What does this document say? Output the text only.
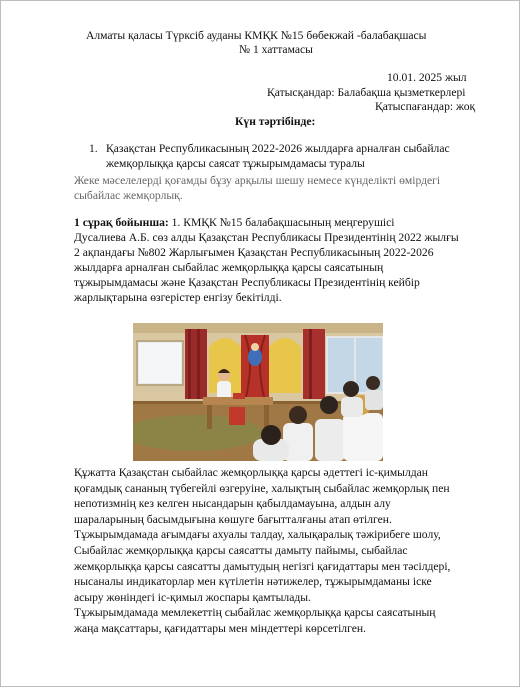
Алматы қаласы Түрксіб ауданы КМҚК №15 бөбекжай -балабақшасы
№ 1 хаттамасы
10.01. 2025 жыл
Қатысқандар: Балабақша қызметкерлері
Қатыспағандар: жоқ
Күн тәртібінде:
1. Қазақстан Республикасының 2022-2026 жылдарға арналған сыбайлас
жемқорлыққа қарсы саясат тұжырымдамасы туралы
Жеке мәселелерді қоғамды бұзу арқылы шешу немесе күнделікті өмірдегі
сыбайлас жемқорлық.
1 сұрақ бойынша: 1. КМҚК №15 балабақшасының меңгерушісі
Дусалиева А.Б. сөз алды Қазақстан Республикасы Президентінің 2022 жылғы
2 ақпандағы №802 Жарлығымен Қазақстан Республикасының 2022-2026
жылдарға арналған сыбайлас жемқорлыққа қарсы саясатының
тұжырымдамасы және Қазақстан Республикасы Президентінің кейбір
жарлықтарына өзгерістер енгізу бекітілді.
Құжатта Қазақстан сыбайлас жемқорлыққа қарсы әдеттегі іс-қимылдан
қоғамдық сананың түбегейлі өзгеруіне, халықтың сыбайлас жемқорлық пен
непотизмнің кез келген нысандарын қабылдамауына, алдын алу
шараларының басымдығына көшуге бағытталғаны атап өтілген.
Тұжырымдамада ағымдағы ахуалы талдау, халықаралық тәжірибеге шолу,
Сыбайлас жемқорлыққа қарсы саясатты дамыту пайымы, сыбайлас
жемқорлыққа қарсы саясатты дамытудың негізгі қағидаттары мен тәсілдері,
нысаналы индикаторлар мен күтілетін нәтижелер, тұжырымдаманы іске
асыру жөніндегі іс-қимыл жоспары қамтылады.
Тұжырымдамада мемлекеттің сыбайлас жемқорлыққа қарсы саясатының
жаңа мақсаттары, қағидаттары мен міндеттері көрсетілген.
